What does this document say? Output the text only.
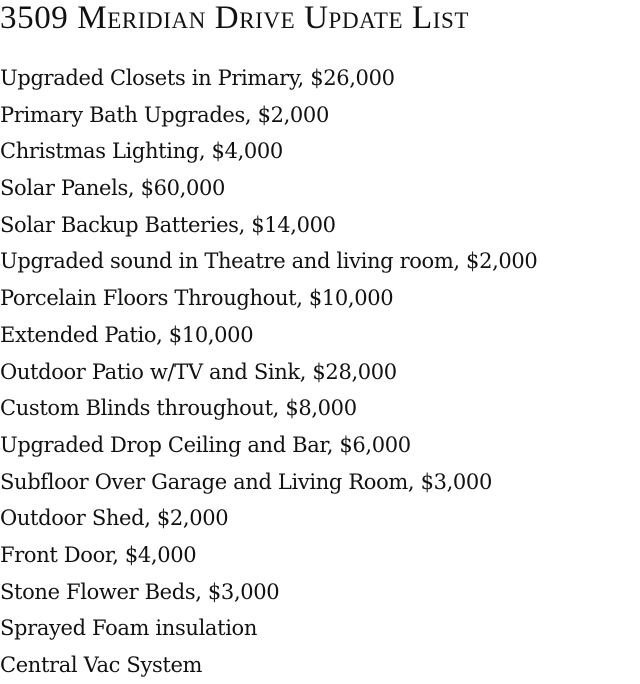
3509 Meridian Drive Update List
Upgraded Closets in Primary, $26,000
Primary Bath Upgrades, $2,000
Christmas Lighting, $4,000
Solar Panels, $60,000
Solar Backup Batteries, $14,000
Upgraded sound in Theatre and living room, $2,000
Porcelain Floors Throughout, $10,000
Extended Patio, $10,000
Outdoor Patio w/TV and Sink, $28,000
Custom Blinds throughout, $8,000
Upgraded Drop Ceiling and Bar, $6,000
Subfloor Over Garage and Living Room, $3,000
Outdoor Shed, $2,000
Front Door, $4,000
Stone Flower Beds, $3,000
Sprayed Foam insulation
Central Vac System
